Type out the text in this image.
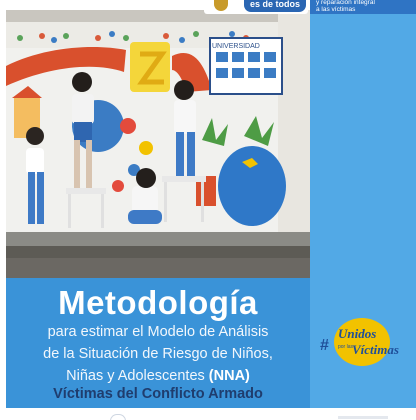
UNIVERSIDAD
es de todos	y reparación integral
a las víctimas
#
Unidos
por las
Víctimas
Metodología
para estimar el Modelo de Análisis
de la Situación de Riesgo de Niños,
Niñas y Adolescentes (NNA)
Víctimas del Conflicto Armado
